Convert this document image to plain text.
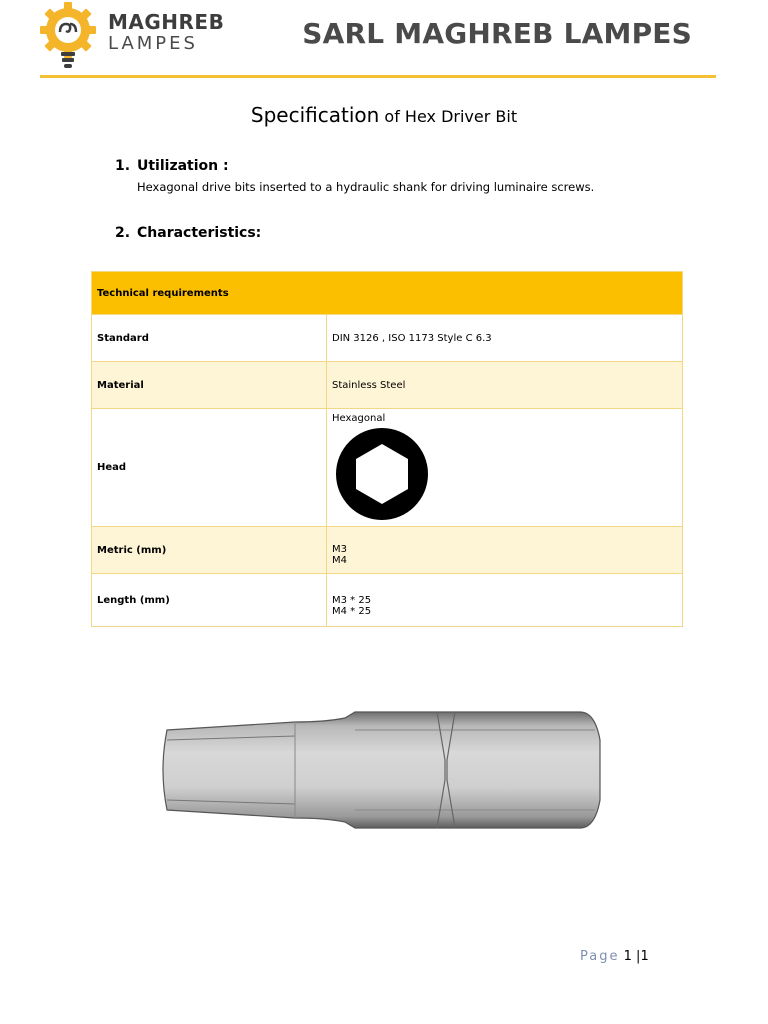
MAGHREB
LAMPES	SARL MAGHREB LAMPES
Specification of Hex Driver Bit
1. Utilization :
Hexagonal drive bits inserted to a hydraulic shank for driving luminaire screws.
2. Characteristics:
Technical requirements	
Standard	DIN 3126 , ISO 1173 Style C 6.3
Material	Stainless Steel
Head	Hexagonal

Metric (mm)	M3
M4

Length (mm)	M3 * 25
M4 * 25
Page 1 |1
